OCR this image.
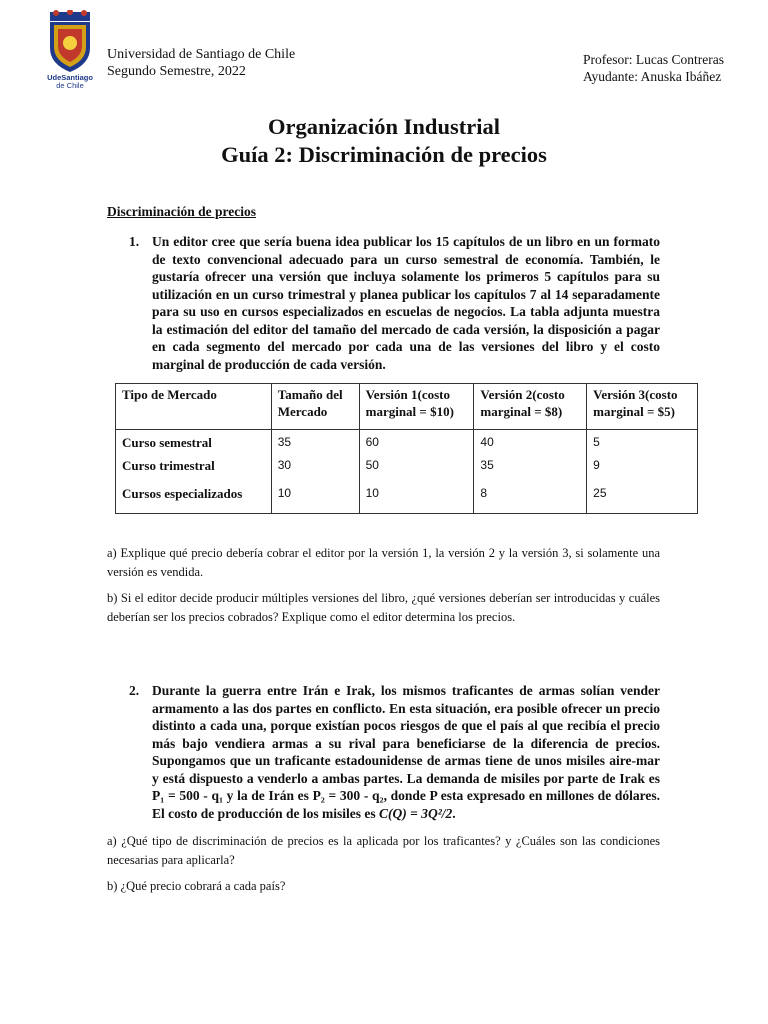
UdeSantiago
de Chile
Universidad de Santiago de Chile
Segundo Semestre, 2022
Profesor: Lucas Contreras
Ayudante: Anuska Ibáñez
Organización Industrial
Guía 2: Discriminación de precios
Discriminación de precios
1. Un editor cree que sería buena idea publicar los 15 capítulos de un libro en un formato de texto convencional adecuado para un curso semestral de economía. También, le gustaría ofrecer una versión que incluya solamente los primeros 5 capítulos para su utilización en un curso trimestral y planea publicar los capítulos 7 al 14 separadamente para su uso en cursos especializados en escuelas de negocios. La tabla adjunta muestra la estimación del editor del tamaño del mercado de cada versión, la disposición a pagar en cada segmento del mercado por cada una de las versiones del libro y el costo marginal de producción de cada versión.
Tipo de Mercado	Tamaño del Mercado	Versión 1(costo marginal = $10)	Versión 2(costo marginal = $8)	Versión 3(costo marginal = $5)
Curso semestral	35	60	40	5
Curso trimestral	30	50	35	9
Cursos especializados	10	10	8	25
a) Explique qué precio debería cobrar el editor por la versión 1, la versión 2 y la versión 3, si solamente una versión es vendida.
b) Si el editor decide producir múltiples versiones del libro, ¿qué versiones deberían ser introducidas y cuáles deberían ser los precios cobrados? Explique como el editor determina los precios.
2. Durante la guerra entre Irán e Irak, los mismos traficantes de armas solían vender armamento a las dos partes en conflicto. En esta situación, era posible ofrecer un precio distinto a cada una, porque existían pocos riesgos de que el país al que recibía el precio más bajo vendiera armas a su rival para beneficiarse de la diferencia de precios. Supongamos que un traficante estadounidense de armas tiene de unos misiles aire-mar y está dispuesto a venderlo a ambas partes. La demanda de misiles por parte de Irak es P₁ = 500 - q₁ y la de Irán es P₂ = 300 - q₂, donde P esta expresado en millones de dólares. El costo de producción de los misiles es C(Q) = 3Q²/2.
a) ¿Qué tipo de discriminación de precios es la aplicada por los traficantes? y ¿Cuáles son las condiciones necesarias para aplicarla?
b) ¿Qué precio cobrará a cada país?
